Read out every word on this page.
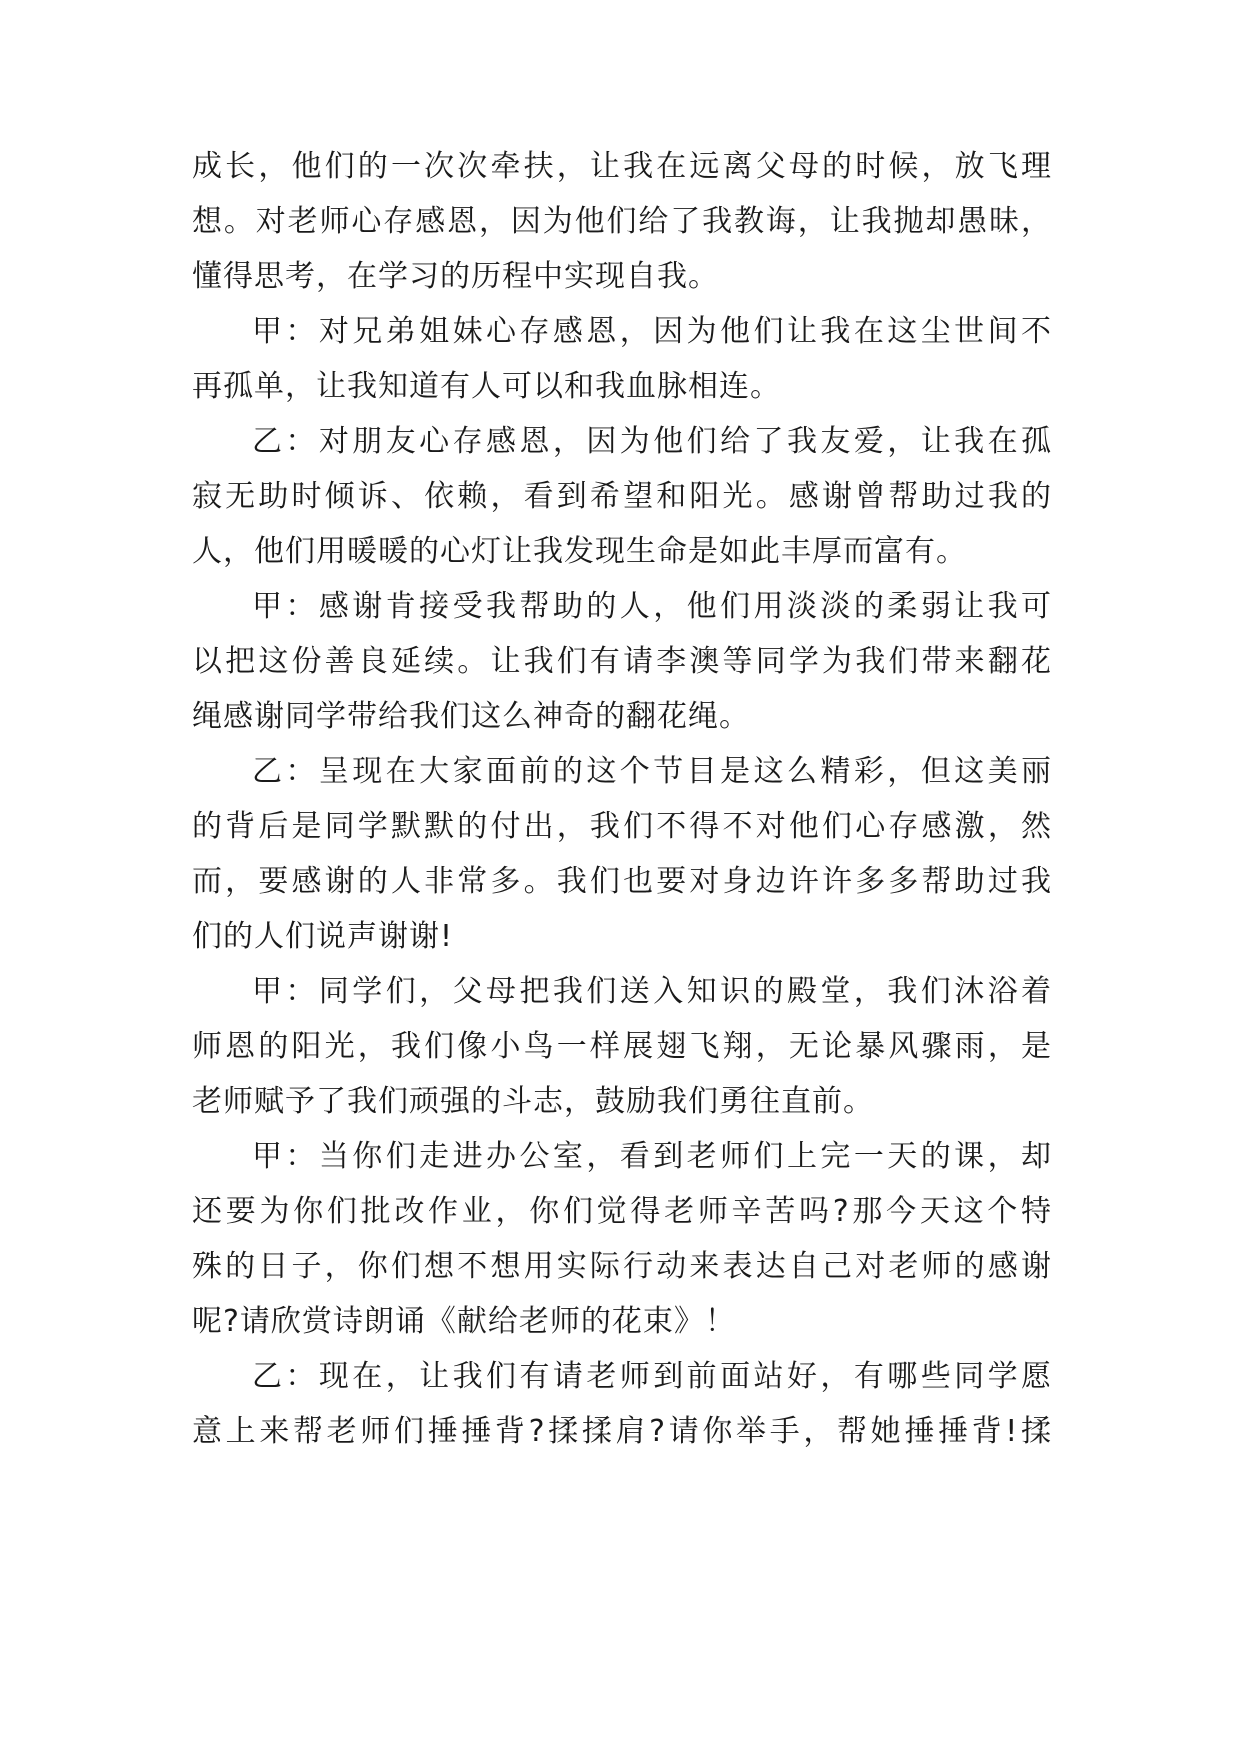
成长，他们的一次次牵扶，让我在远离父母的时候，放飞理
想。对老师心存感恩，因为他们给了我教诲，让我抛却愚昧，
懂得思考，在学习的历程中实现自我。
甲：对兄弟姐妹心存感恩，因为他们让我在这尘世间不
再孤单，让我知道有人可以和我血脉相连。
乙：对朋友心存感恩，因为他们给了我友爱，让我在孤
寂无助时倾诉、依赖，看到希望和阳光。感谢曾帮助过我的
人，他们用暖暖的心灯让我发现生命是如此丰厚而富有。
甲：感谢肯接受我帮助的人，他们用淡淡的柔弱让我可
以把这份善良延续。让我们有请李澳等同学为我们带来翻花
绳感谢同学带给我们这么神奇的翻花绳。
乙：呈现在大家面前的这个节目是这么精彩，但这美丽
的背后是同学默默的付出，我们不得不对他们心存感激，然
而，要感谢的人非常多。我们也要对身边许许多多帮助过我
们的人们说声谢谢!
甲：同学们，父母把我们送入知识的殿堂，我们沐浴着
师恩的阳光，我们像小鸟一样展翅飞翔，无论暴风骤雨，是
老师赋予了我们顽强的斗志，鼓励我们勇往直前。
甲：当你们走进办公室，看到老师们上完一天的课，却
还要为你们批改作业，你们觉得老师辛苦吗?那今天这个特
殊的日子，你们想不想用实际行动来表达自己对老师的感谢
呢?请欣赏诗朗诵《献给老师的花束》！
乙：现在，让我们有请老师到前面站好，有哪些同学愿
意上来帮老师们捶捶背?揉揉肩?请你举手，帮她捶捶背!揉
